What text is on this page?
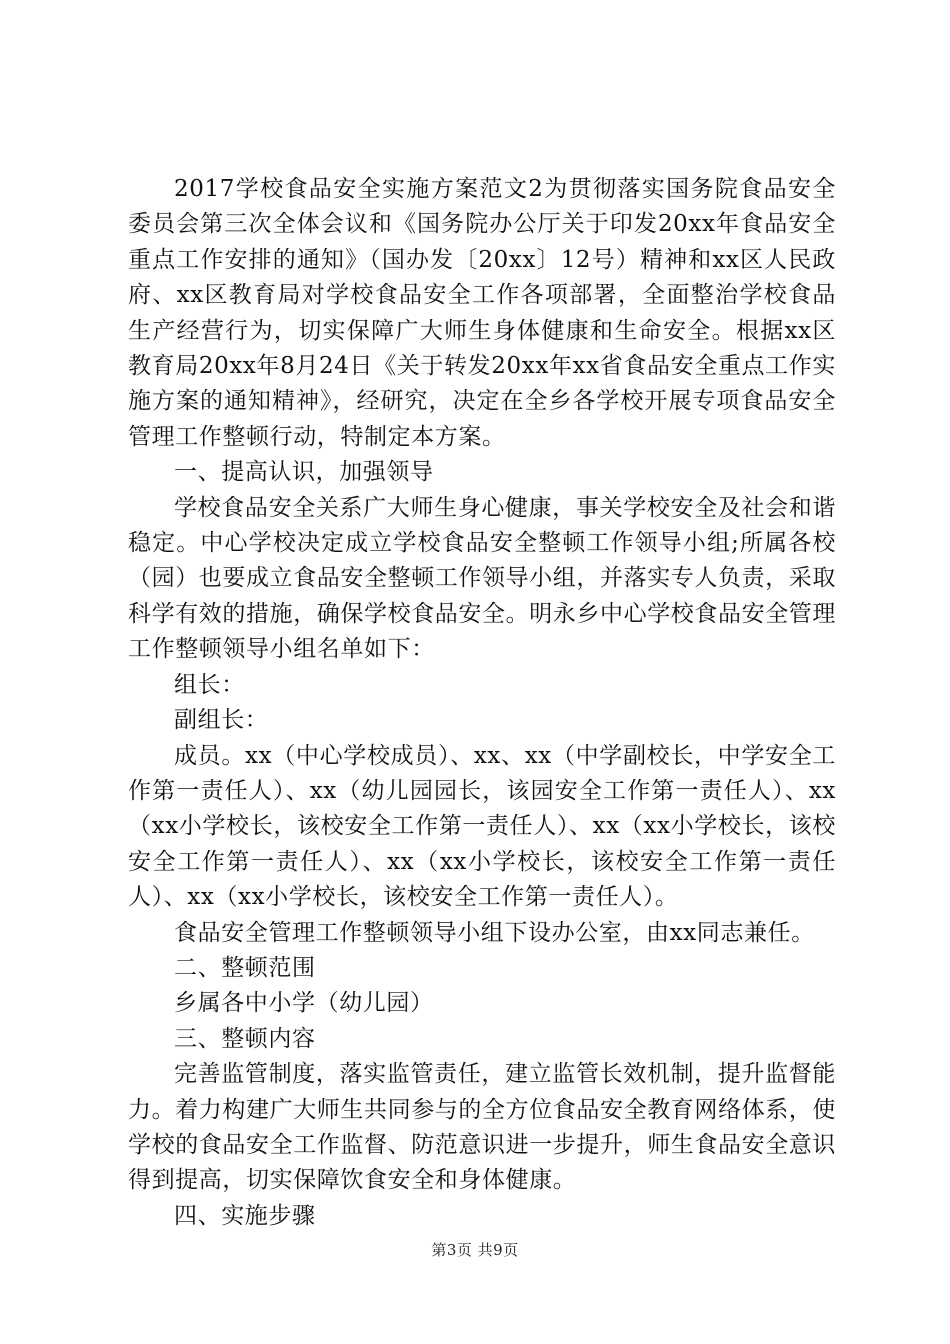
2017学校食品安全实施方案范文2为贯彻落实国务院食品安全委员会第三次全体会议和《国务院办公厅关于印发20xx年食品安全重点工作安排的通知》（国办发〔20xx〕12号）精神和xx区人民政府、xx区教育局对学校食品安全工作各项部署，全面整治学校食品生产经营行为，切实保障广大师生身体健康和生命安全。根据xx区教育局20xx年8月24日《关于转发20xx年xx省食品安全重点工作实施方案的通知精神》，经研究，决定在全乡各学校开展专项食品安全管理工作整顿行动，特制定本方案。

一、提高认识，加强领导

学校食品安全关系广大师生身心健康，事关学校安全及社会和谐稳定。中心学校决定成立学校食品安全整顿工作领导小组;所属各校（园）也要成立食品安全整顿工作领导小组，并落实专人负责，采取科学有效的措施，确保学校食品安全。明永乡中心学校食品安全管理工作整顿领导小组名单如下：

组长：

副组长：

成员。xx（中心学校成员）、xx、xx（中学副校长，中学安全工作第一责任人）、xx（幼儿园园长，该园安全工作第一责任人）、xx（xx小学校长，该校安全工作第一责任人）、xx（xx小学校长，该校安全工作第一责任人）、xx（xx小学校长，该校安全工作第一责任人）、xx（xx小学校长，该校安全工作第一责任人）。

食品安全管理工作整顿领导小组下设办公室，由xx同志兼任。

二、整顿范围

乡属各中小学（幼儿园）

三、整顿内容

完善监管制度，落实监管责任，建立监管长效机制，提升监督能力。着力构建广大师生共同参与的全方位食品安全教育网络体系，使学校的食品安全工作监督、防范意识进一步提升，师生食品安全意识得到提高，切实保障饮食安全和身体健康。

四、实施步骤

第3页 共9页
